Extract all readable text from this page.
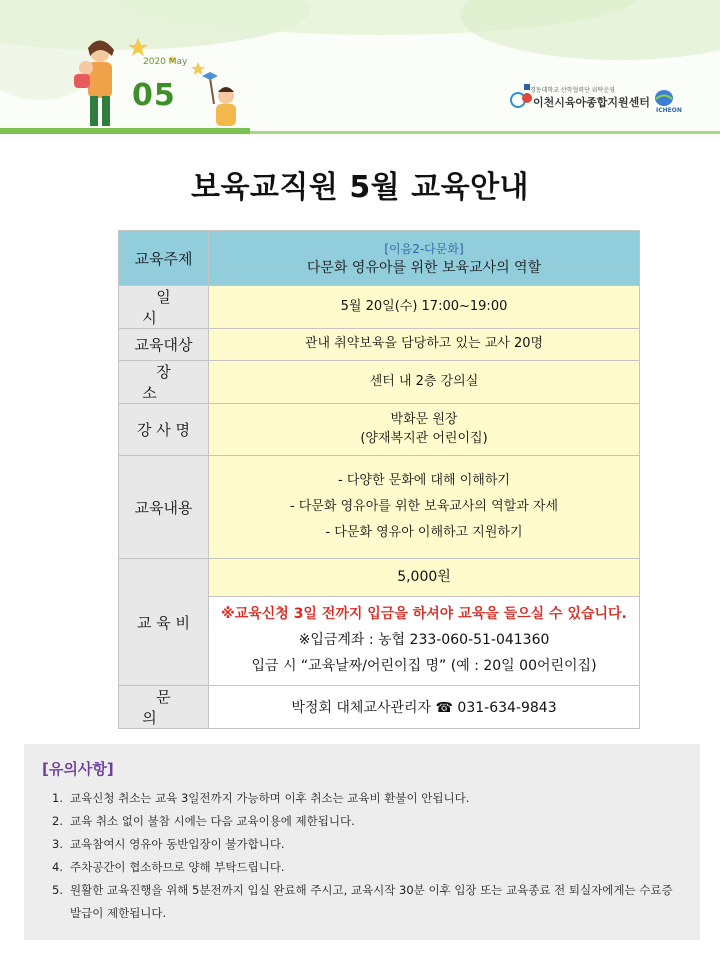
2020 May
05	경동대학교 산학협력단 위탁운영
이천시육아종합지원센터
ICHEON
보육교직원 5월 교육안내
교육주제	[이음2-다문화]
다문화 영유아를 위한 보육교사의 역할

일 시	5월 20일(수) 17:00~19:00
교육대상	관내 취약보육을 담당하고 있는 교사 20명
장 소	센터 내 2층 강의실
강 사 명	박화문 원장
(양재복지관 어린이집)

교육내용	- 다양한 문화에 대해 이해하기
- 다문화 영유아를 위한 보육교사의 역할과 자세
- 다문화 영유아 이해하고 지원하기

교 육 비	5,000원

	※교육신청 3일 전까지 입금을 하셔야 교육을 들으실 수 있습니다.
※입금계좌 : 농협 233-060-51-041360
입금 시 “교육날짜/어린이집 명” (예 : 20일 00어린이집)

문 의	박정회 대체교사관리자 ☎ 031-634-9843
[유의사항]
1. 교육신청 취소는 교육 3일전까지 가능하며 이후 취소는 교육비 환불이 안됩니다.
2. 교육 취소 없이 불참 시에는 다음 교육이용에 제한됩니다.
3. 교육참여시 영유아 동반입장이 불가합니다.
4. 주차공간이 협소하므로 양해 부탁드립니다.
5. 원활한 교육진행을 위해 5분전까지 입실 완료해 주시고, 교육시작 30분 이후 입장 또는 교육종료 전 퇴실자에게는 수료증 발급이 제한됩니다.
